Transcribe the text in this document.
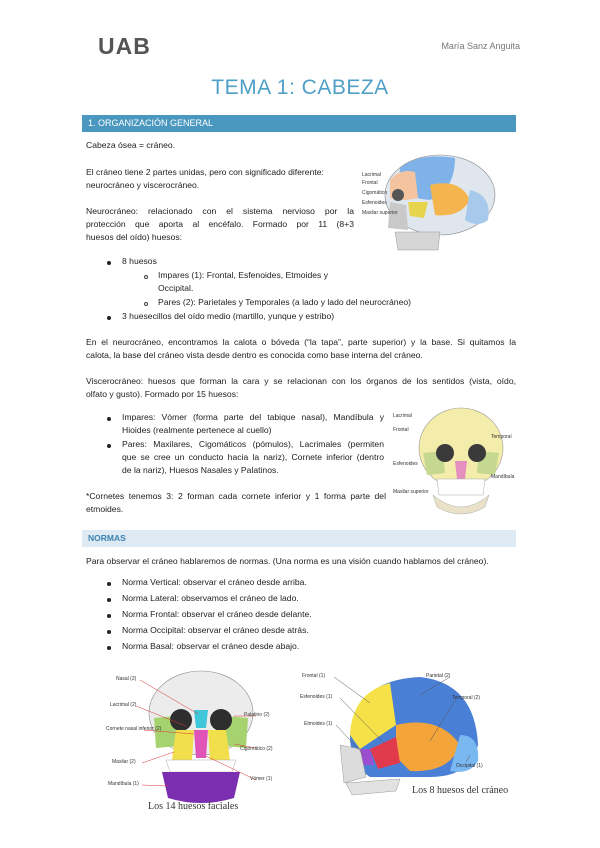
UAB	María Sanz Anguita
TEMA 1: CABEZA
1. ORGANIZACIÓN GENERAL
Cabeza ósea = cráneo.
El cráneo tiene 2 partes unidas, pero con significado diferente:
neurocráneo y viscerocráneo.
Neurocráneo: relacionado con el sistema nervioso por la
protección que aporta al encéfalo. Formado por 11 (8+3
huesos del oído) huesos:
8 huesos
Impares (1): Frontal, Esfenoides, Etmoides y
Occipital.
Pares (2): Parietales y Temporales (a lado y lado del neurocráneo)
3 huesecillos del oído medio (martillo, yunque y estribo)
En el neurocráneo, encontramos la calota o bóveda (“la tapa”, parte superior) y la base. Si quitamos la
calota, la base del cráneo vista desde dentro es conocida como base interna del cráneo.
Viscerocráneo: huesos que forman la cara y se relacionan con los órganos de los sentidos (vista, oído,
olfato y gusto). Formado por 15 huesos:
Impares: Vómer (forma parte del tabique nasal), Mandíbula y
Hioides (realmente pertenece al cuello)
Pares: Maxilares, Cigomáticos (pómulos), Lacrimales (permiten
que se cree un conducto hacia la nariz), Cornete inferior (dentro
de la nariz), Huesos Nasales y Palatinos.
*Cornetes tenemos 3: 2 forman cada cornete inferior y 1 forma parte del
etmoides.
NORMAS
Para observar el cráneo hablaremos de normas. (Una norma es una visión cuando hablamos del cráneo).
Norma Vertical: observar el cráneo desde arriba.
Norma Lateral: observamos el cráneo de lado.
Norma Frontal: observar el cráneo desde delante.
Norma Occipital: observar el cráneo desde atrás.
Norma Basal: observar el cráneo desde abajo.
Lacrimal
Frontal
Cigomático
Esfenoides
Maxilar superior
Lacrimal
Frontal
Esfenoides
Maxilar superior
Temporal
Mandíbula
Nasal (2)
Lacrimal (2)
Cornete nasal inferior (2)
Maxilar (2)
Mandíbula (1)
Palatino (2)
Cigomático (2)
Vómer (1)
Los 14 huesos faciales
Frontal (1)
Esfenoides (1)
Etmoides (1)
Parietal (2)
Temporal (2)
Occipital (1)
Los 8 huesos del cráneo
